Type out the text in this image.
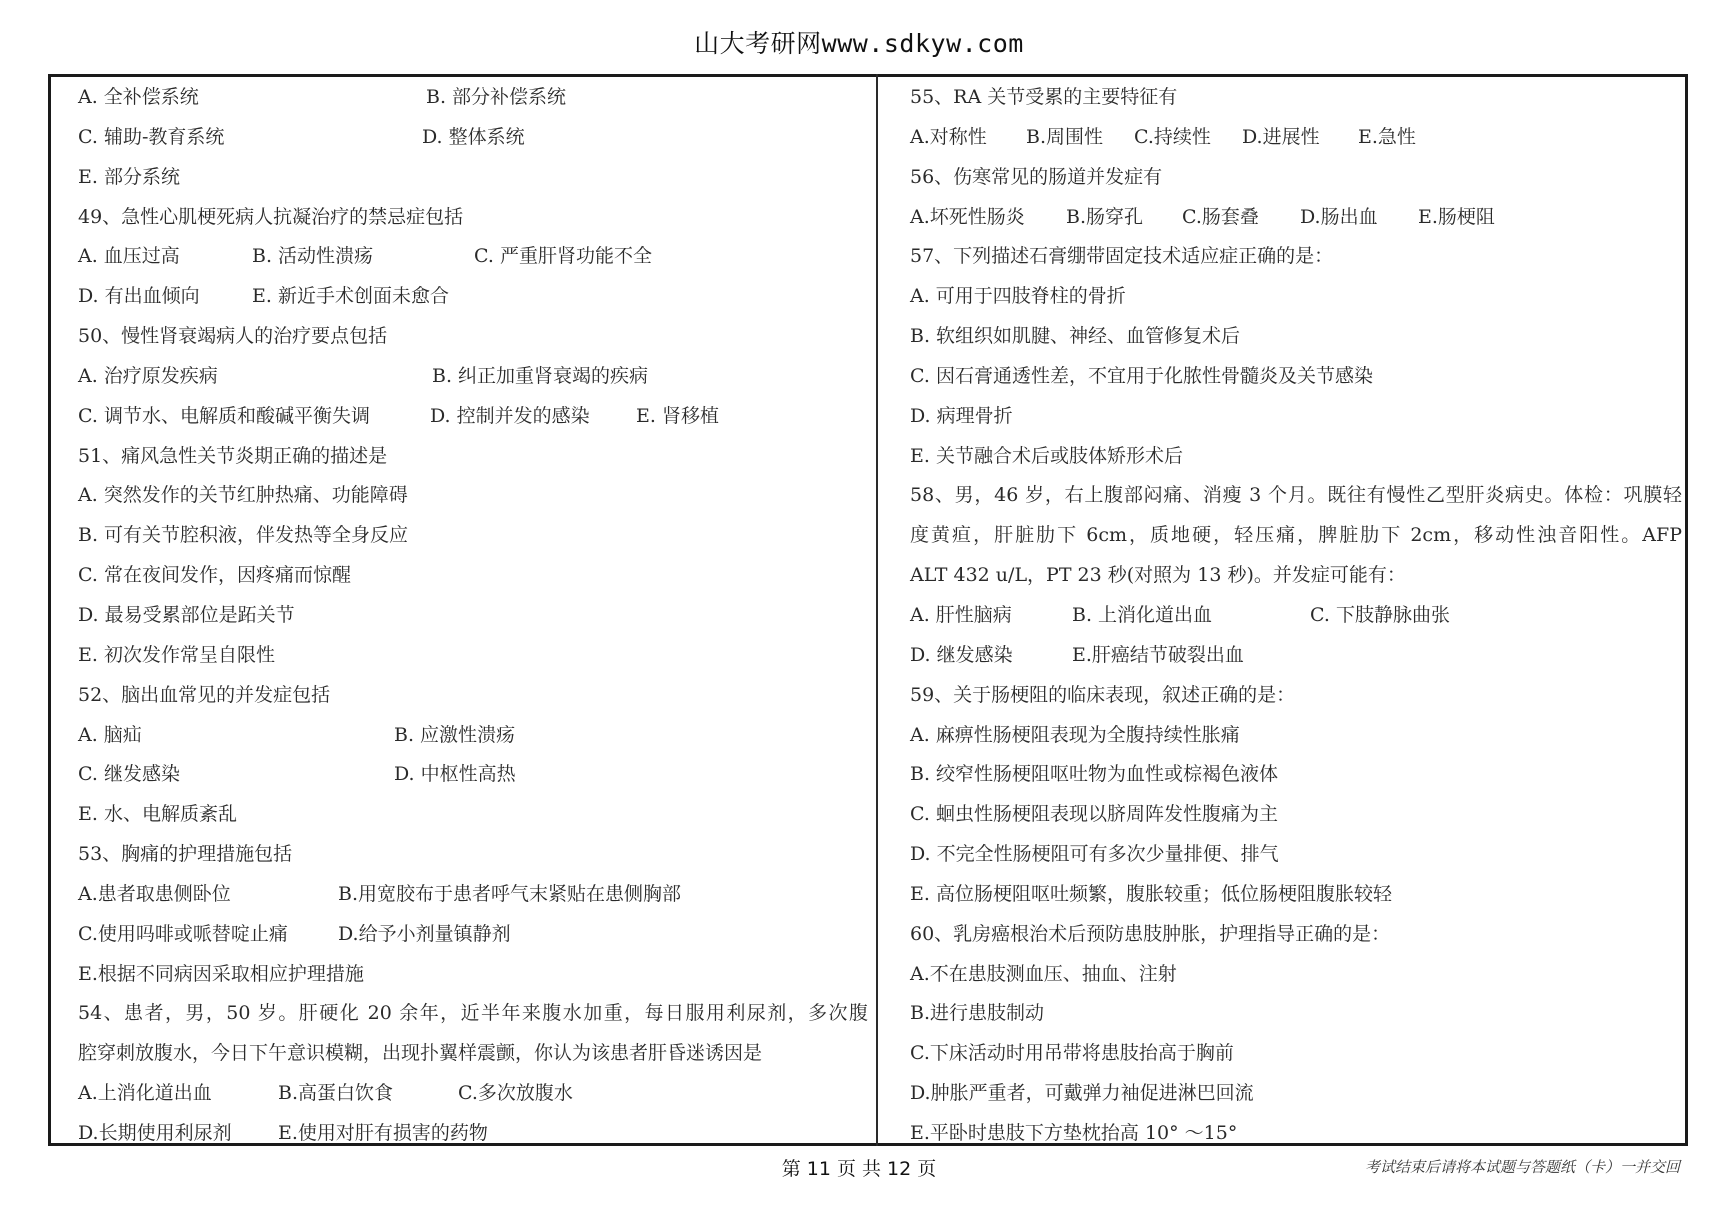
山大考研网www.sdkyw.com
A. 全补偿系统	B. 部分补偿系统
C. 辅助-教育系统	D. 整体系统
E. 部分系统
49、急性心肌梗死病人抗凝治疗的禁忌症包括
A. 血压过高	B. 活动性溃疡	C. 严重肝肾功能不全
D. 有出血倾向	E. 新近手术创面未愈合
50、慢性肾衰竭病人的治疗要点包括
A. 治疗原发疾病	B. 纠正加重肾衰竭的疾病
C. 调节水、电解质和酸碱平衡失调	D. 控制并发的感染 E. 肾移植
51、痛风急性关节炎期正确的描述是
A. 突然发作的关节红肿热痛、功能障碍
B. 可有关节腔积液，伴发热等全身反应
C. 常在夜间发作，因疼痛而惊醒
D. 最易受累部位是跖关节
E. 初次发作常呈自限性
52、脑出血常见的并发症包括
A. 脑疝	B. 应激性溃疡
C. 继发感染	D. 中枢性高热
E. 水、电解质紊乱
53、胸痛的护理措施包括
A.患者取患侧卧位	B.用宽胶布于患者呼气末紧贴在患侧胸部
C.使用吗啡或哌替啶止痛	D.给予小剂量镇静剂
E.根据不同病因采取相应护理措施
54、患者，男，50 岁。肝硬化 20 余年，近半年来腹水加重，每日服用利尿剂，多次腹
腔穿刺放腹水，今日下午意识模糊，出现扑翼样震颤，你认为该患者肝昏迷诱因是
A.上消化道出血	B.高蛋白饮食	C.多次放腹水
D.长期使用利尿剂 E.使用对肝有损害的药物
55、RA 关节受累的主要特征有
A.对称性 B.周围性 C.持续性 D.进展性 E.急性
56、伤寒常见的肠道并发症有
A.坏死性肠炎 B.肠穿孔 C.肠套叠 D.肠出血 E.肠梗阻
57、下列描述石膏绷带固定技术适应症正确的是：
A. 可用于四肢脊柱的骨折
B. 软组织如肌腱、神经、血管修复术后
C. 因石膏通透性差，不宜用于化脓性骨髓炎及关节感染
D. 病理骨折
E. 关节融合术后或肢体矫形术后
58、男，46 岁，右上腹部闷痛、消瘦 3 个月。既往有慢性乙型肝炎病史。体检：巩膜轻
度黄疸，肝脏肋下 6cm，质地硬，轻压痛，脾脏肋下 2cm，移动性浊音阳性。AFP
ALT 432 u/L，PT 23 秒(对照为 13 秒)。并发症可能有：
A. 肝性脑病	B. 上消化道出血	C. 下肢静脉曲张
D. 继发感染	E.肝癌结节破裂出血
59、关于肠梗阻的临床表现，叙述正确的是：
A. 麻痹性肠梗阻表现为全腹持续性胀痛
B. 绞窄性肠梗阻呕吐物为血性或棕褐色液体
C. 蛔虫性肠梗阻表现以脐周阵发性腹痛为主
D. 不完全性肠梗阻可有多次少量排便、排气
E. 高位肠梗阻呕吐频繁，腹胀较重；低位肠梗阻腹胀较轻
60、乳房癌根治术后预防患肢肿胀，护理指导正确的是：
A.不在患肢测血压、抽血、注射
B.进行患肢制动
C.下床活动时用吊带将患肢抬高于胸前
D.肿胀严重者，可戴弹力袖促进淋巴回流
E.平卧时患肢下方垫枕抬高 10° ～15°
第 11 页 共 12 页	考试结束后请将本试题与答题纸（卡）一并交回
